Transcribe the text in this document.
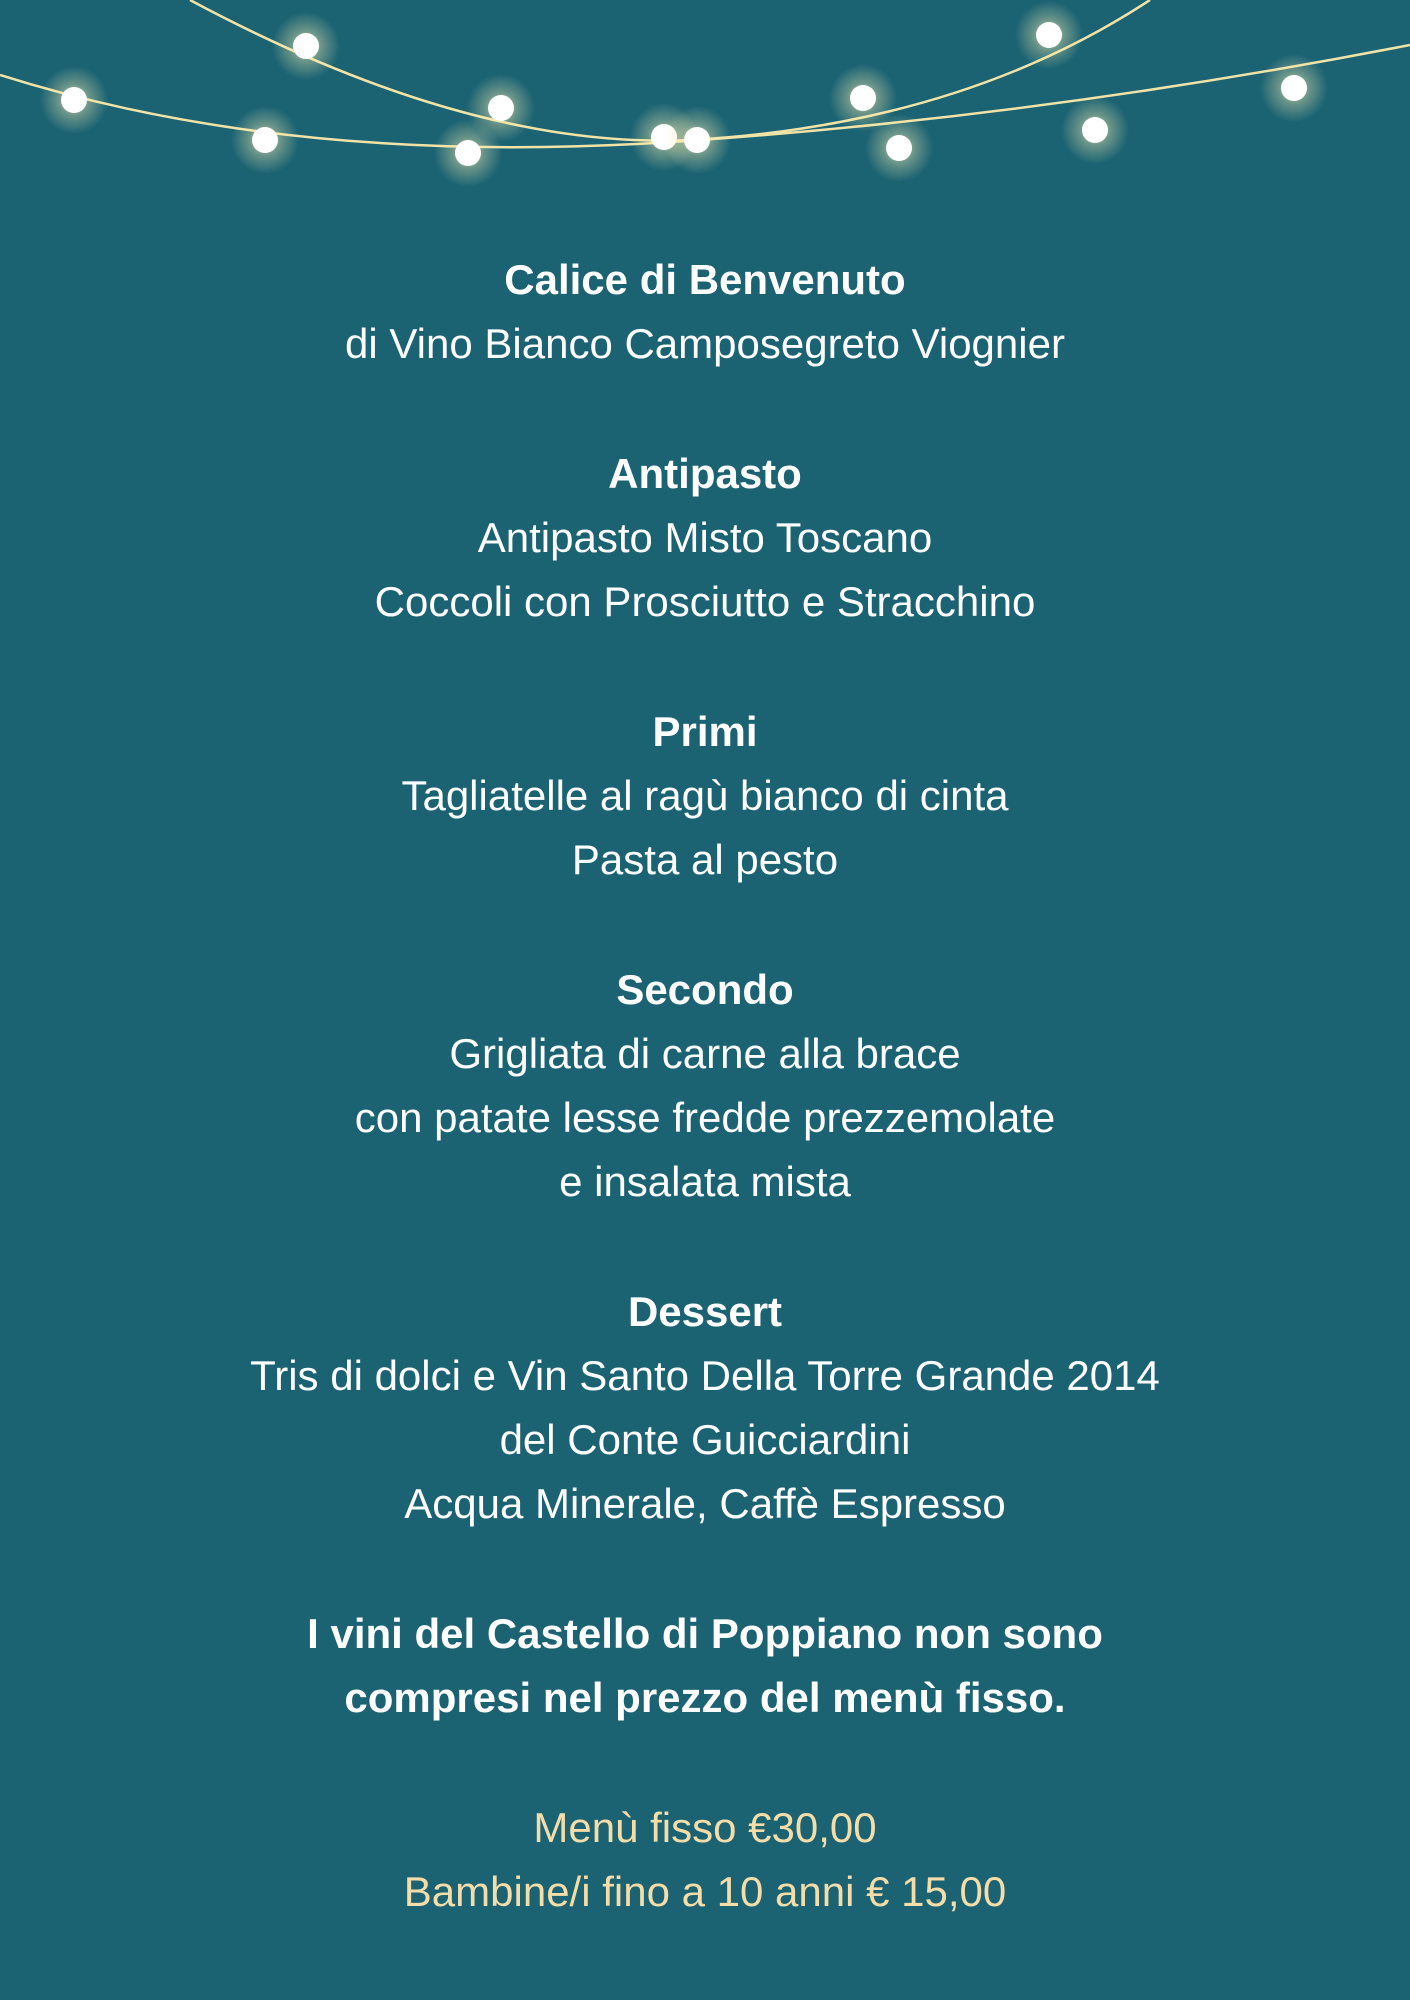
Calice di Benvenuto
di Vino Bianco Camposegreto Viognier
Antipasto
Antipasto Misto Toscano
Coccoli con Prosciutto e Stracchino
Primi
Tagliatelle al ragù bianco di cinta
Pasta al pesto
Secondo
Grigliata di carne alla brace
con patate lesse fredde prezzemolate
e insalata mista
Dessert
Tris di dolci e Vin Santo Della Torre Grande 2014
del Conte Guicciardini
Acqua Minerale, Caffè Espresso
I vini del Castello di Poppiano non sono
compresi nel prezzo del menù fisso.
Menù fisso €30,00
Bambine/i fino a 10 anni € 15,00
